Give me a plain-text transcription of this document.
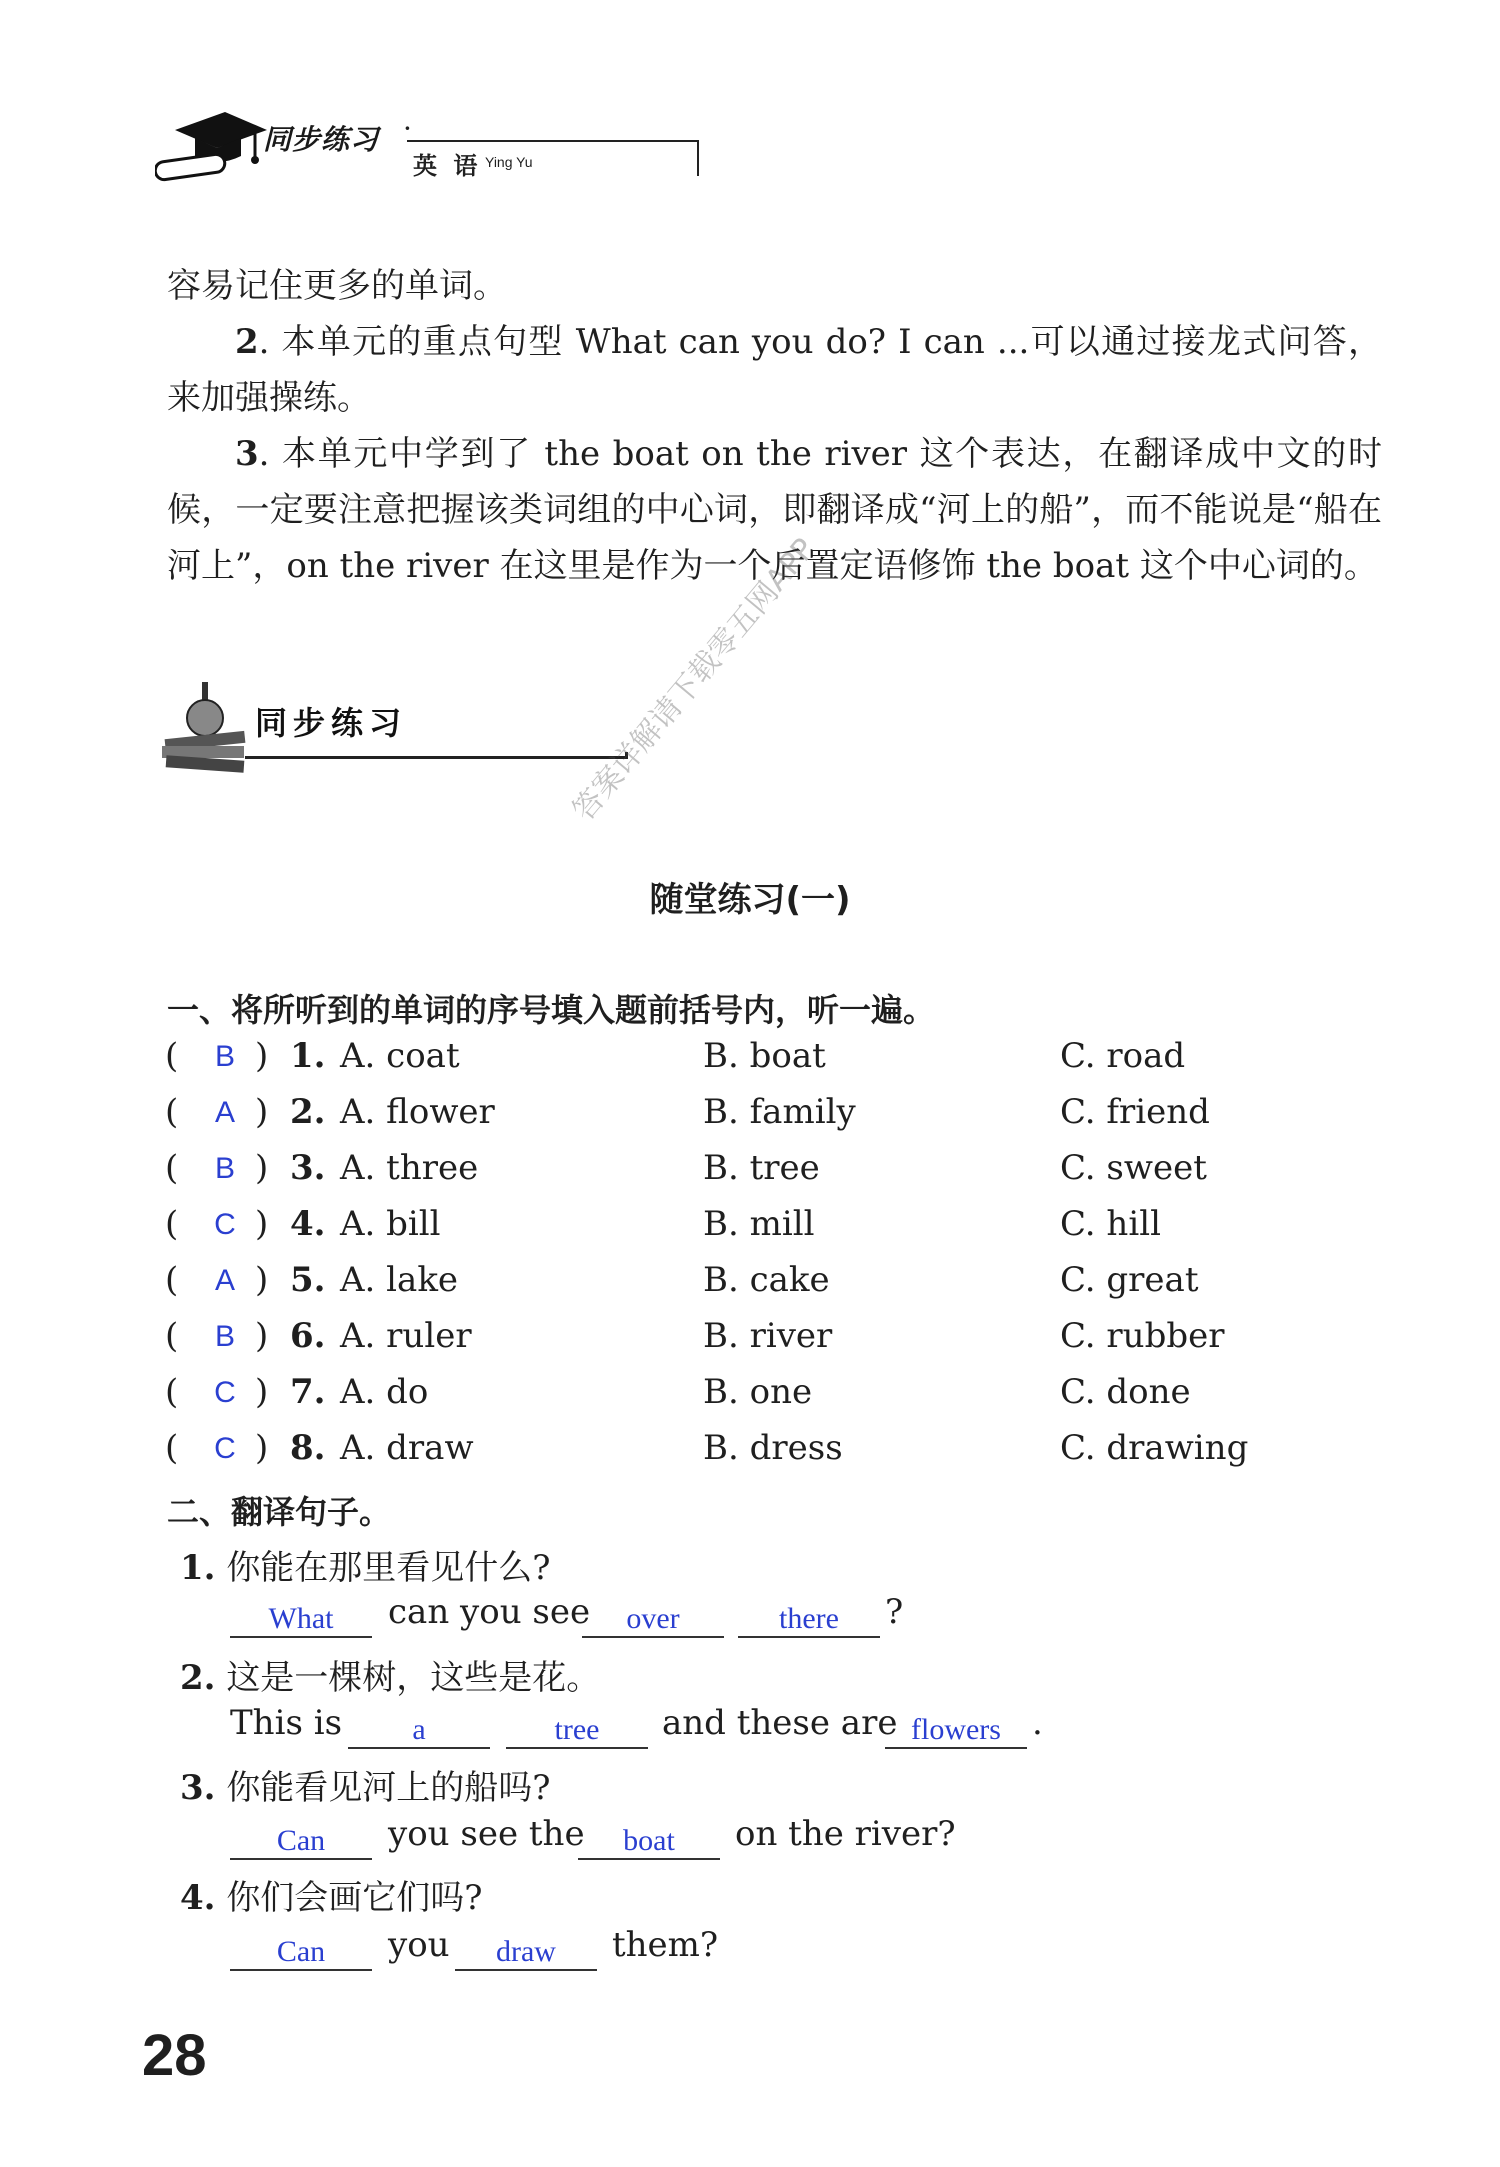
同步练习 ·
英 语 Ying Yu
容易记住更多的单词。
2. 本单元的重点句型 What can you do? I can ...可以通过接龙式问答，来加强操练。
3. 本单元中学到了 the boat on the river 这个表达，在翻译成中文的时候，一定要注意把握该类词组的中心词，即翻译成“河上的船”，而不能说是“船在河上”，on the river 在这里是作为一个后置定语修饰 the boat 这个中心词的。
同步练习	答案详解请下载零五网APP
随堂练习(一)
一、将所听到的单词的序号填入题前括号内，听一遍。
( B ) 1. A. coat	B. boat	C. road
( A ) 2. A. flower	B. family	C. friend
( B ) 3. A. three	B. tree	C. sweet
( C ) 4. A. bill	B. mill	C. hill
( A ) 5. A. lake	B. cake	C. great
( B ) 6. A. ruler	B. river	C. rubber
( C ) 7. A. do	B. one	C. done
( C ) 8. A. draw	B. dress	C. drawing
二、翻译句子。
1. 你能在那里看见什么?
What	can you see	over	there	?
2. 这是一棵树，这些是花。
This is	a	tree	and these are flowers .
3. 你能看见河上的船吗?
Can	you see the	boat	on the river?
4. 你们会画它们吗?
Can	you	draw	them?
28
